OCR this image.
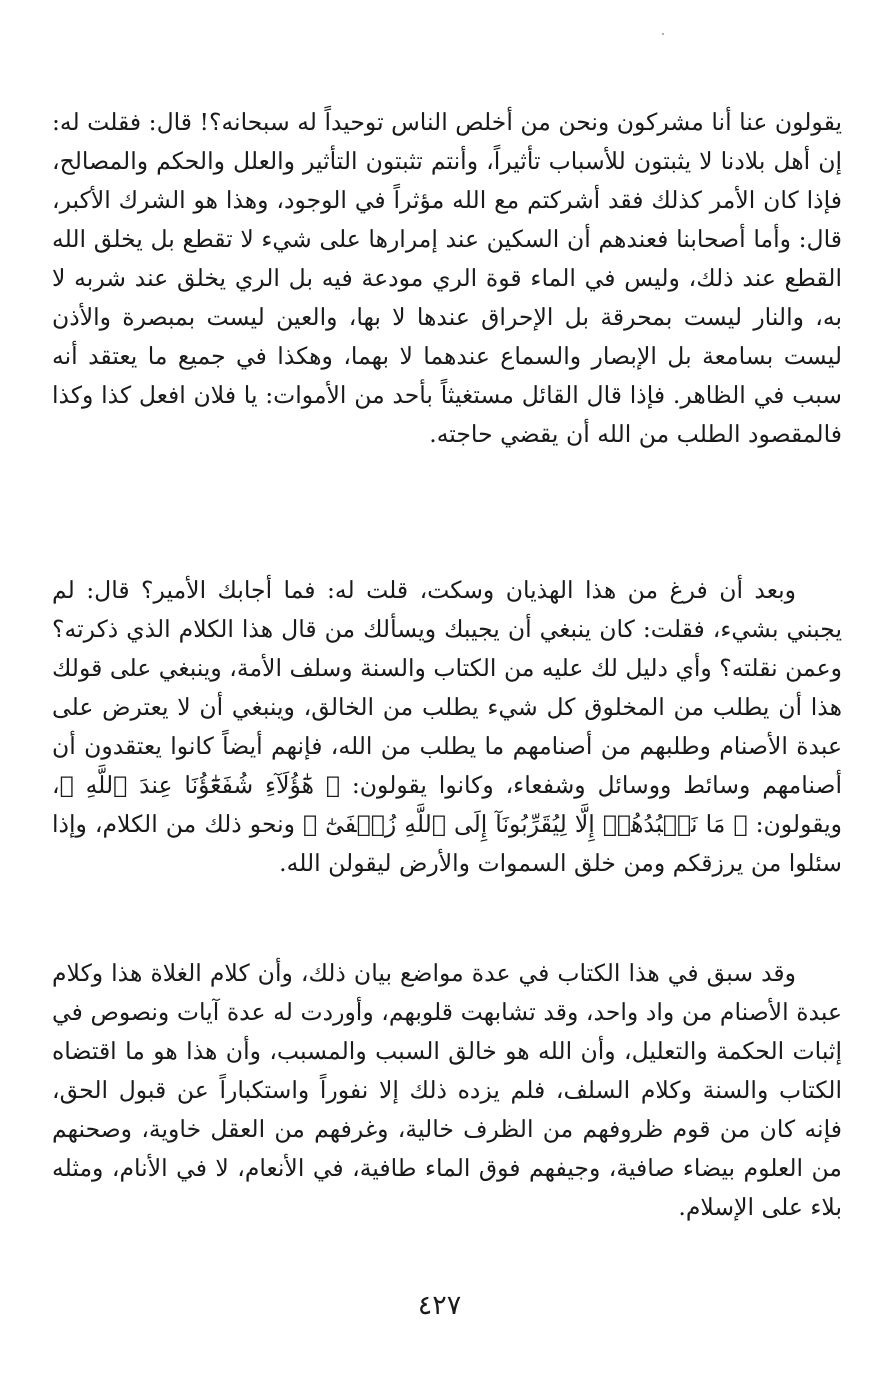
يقولون عنا أنا مشركون ونحن من أخلص الناس توحيداً له سبحانه؟! قال: فقلت له: إن أهل بلادنا لا يثبتون للأسباب تأثيراً، وأنتم تثبتون التأثير والعلل والحكم والمصالح، فإذا كان الأمر كذلك فقد أشركتم مع الله مؤثراً في الوجود، وهذا هو الشرك الأكبر، قال: وأما أصحابنا فعندهم أن السكين عند إمرارها على شيء لا تقطع بل يخلق الله القطع عند ذلك، وليس في الماء قوة الري مودعة فيه بل الري يخلق عند شربه لا به، والنار ليست بمحرقة بل الإحراق عندها لا بها، والعين ليست بمبصرة والأذن ليست بسامعة بل الإبصار والسماع عندهما لا بهما، وهكذا في جميع ما يعتقد أنه سبب في الظاهر. فإذا قال القائل مستغيثاً بأحد من الأموات: يا فلان افعل كذا وكذا فالمقصود الطلب من الله أن يقضي حاجته.

وبعد أن فرغ من هذا الهذيان وسكت، قلت له: فما أجابك الأمير؟ قال: لم يجبني بشيء، فقلت: كان ينبغي أن يجيبك ويسألك من قال هذا الكلام الذي ذكرته؟ وعمن نقلته؟ وأي دليل لك عليه من الكتاب والسنة وسلف الأمة، وينبغي على قولك هذا أن يطلب من المخلوق كل شيء يطلب من الخالق، وينبغي أن لا يعترض على عبدة الأصنام وطلبهم من أصنامهم ما يطلب من الله، فإنهم أيضاً كانوا يعتقدون أن أصنامهم وسائط ووسائل وشفعاء، وكانوا يقولون: ﴿ هَٰٓؤُلَآءِ شُفَعَٰٓؤُنَا عِندَ ٱللَّهِ ﴾، ويقولون: ﴿ مَا نَعۡبُدُهُمۡ إِلَّا لِيُقَرِّبُونَآ إِلَى ٱللَّهِ زُلۡفَىٰٓ ﴾ ونحو ذلك من الكلام، وإذا سئلوا من يرزقكم ومن خلق السموات والأرض ليقولن الله.

وقد سبق في هذا الكتاب في عدة مواضع بيان ذلك، وأن كلام الغلاة هذا وكلام عبدة الأصنام من واد واحد، وقد تشابهت قلوبهم، وأوردت له عدة آيات ونصوص في إثبات الحكمة والتعليل، وأن الله هو خالق السبب والمسبب، وأن هذا هو ما اقتضاه الكتاب والسنة وكلام السلف، فلم يزده ذلك إلا نفوراً واستكباراً عن قبول الحق، فإنه كان من قوم ظروفهم من الظرف خالية، وغرفهم من العقل خاوية، وصحنهم من العلوم بيضاء صافية، وجيفهم فوق الماء طافية، في الأنعام، لا في الأنام، ومثله بلاء على الإسلام.

٤٢٧
